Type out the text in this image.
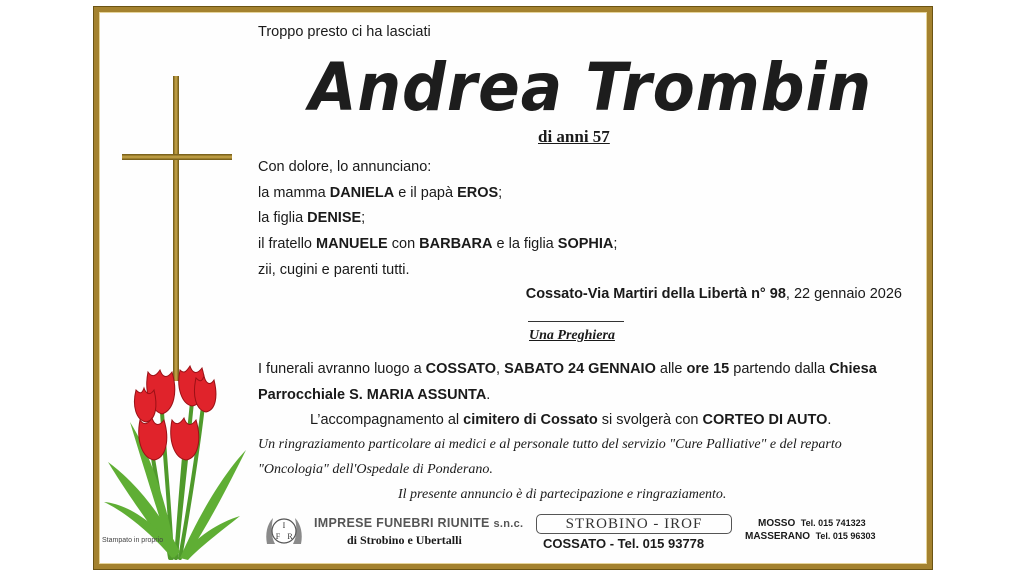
Stampato in proprio
Troppo presto ci ha lasciati
Andrea Trombin
di anni 57
Con dolore, lo annunciano:
la mamma DANIELA e il papà EROS;
la figlia DENISE;
il fratello MANUELE con BARBARA e la figlia SOPHIA;
zii, cugini e parenti tutti.
Cossato-Via Martiri della Libertà n° 98, 22 gennaio 2026
Una Preghiera
I funerali avranno luogo a COSSATO, SABATO 24 GENNAIO alle ore 15 partendo dalla Chiesa
Parrocchiale S. MARIA ASSUNTA.
L’accompagnamento al cimitero di Cossato si svolgerà con CORTEO DI AUTO.
Un ringraziamento particolare ai medici e al personale tutto del servizio "Cure Palliative" e del reparto
"Oncologia" dell'Ospedale di Ponderano.
Il presente annuncio è di partecipazione e ringraziamento.
I
F R
IMPRESE FUNEBRI RIUNITE s.n.c.
di Strobino e Ubertalli
STROBINO - IROF
COSSATO - Tel. 015 93778
MOSSO Tel. 015 741323
MASSERANO Tel. 015 96303
